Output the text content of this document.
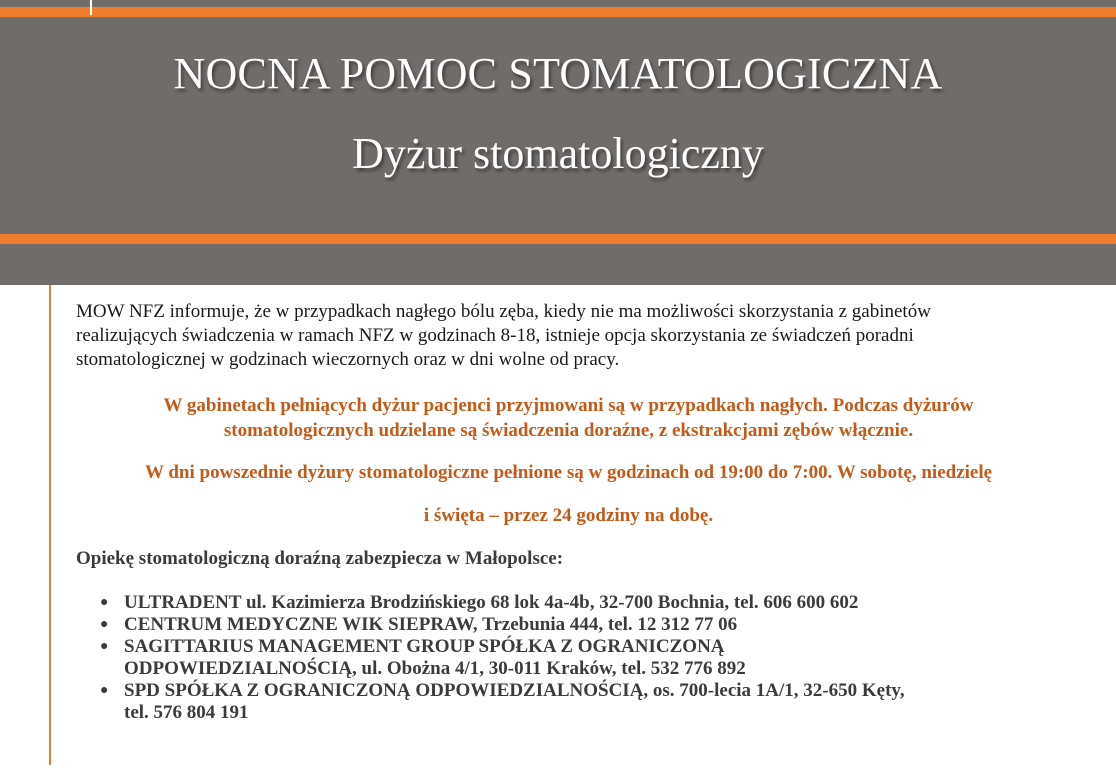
NOCNA POMOC STOMATOLOGICZNA
Dyżur stomatologiczny

MOW NFZ informuje, że w przypadkach nagłego bólu zęba, kiedy nie ma możliwości skorzystania z gabinetów
realizujących świadczenia w ramach NFZ w godzinach 8-18, istnieje opcja skorzystania ze świadczeń poradni
stomatologicznej w godzinach wieczornych oraz w dni wolne od pracy.

W gabinetach pełniących dyżur pacjenci przyjmowani są w przypadkach nagłych. Podczas dyżurów
stomatologicznych udzielane są świadczenia doraźne, z ekstrakcjami zębów włącznie.

W dni powszednie dyżury stomatologiczne pełnione są w godzinach od 19:00 do 7:00. W sobotę, niedzielę

i święta – przez 24 godziny na dobę.

Opiekę stomatologiczną doraźną zabezpiecza w Małopolsce:

● ULTRADENT ul. Kazimierza Brodzińskiego 68 lok 4a-4b, 32-700 Bochnia, tel. 606 600 602
● CENTRUM MEDYCZNE WIK SIEPRAW, Trzebunia 444, tel. 12 312 77 06
● SAGITTARIUS MANAGEMENT GROUP SPÓŁKA Z OGRANICZONĄ
ODPOWIEDZIALNOŚCIĄ, ul. Obożna 4/1, 30-011 Kraków, tel. 532 776 892
● SPD SPÓŁKA Z OGRANICZONĄ ODPOWIEDZIALNOŚCIĄ, os. 700-lecia 1A/1, 32-650 Kęty,
tel. 576 804 191
